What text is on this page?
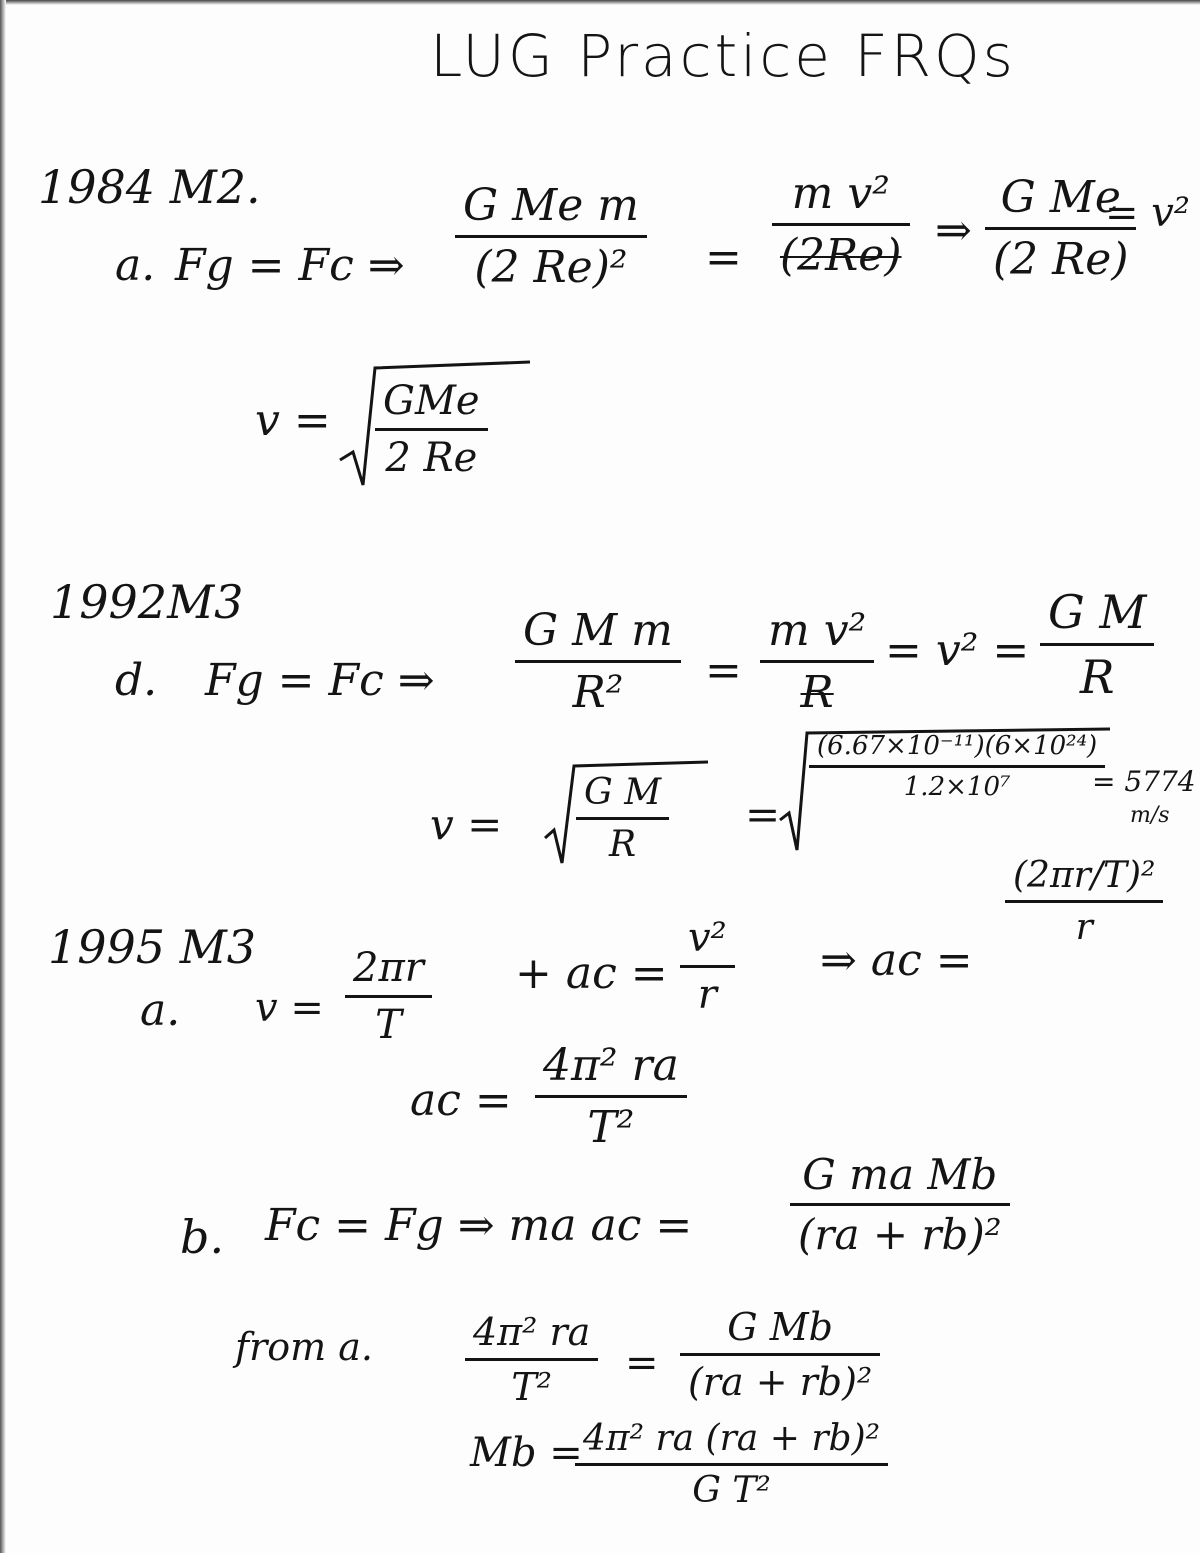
LUG Practice FRQs
1984 M2.
a. Fg = Fc ⇒
G Me m
(2 Re)² =
m v²
(2Re) ⇒
G Me
(2 Re)
= v²
v = GMe
2 Re
1992M3
d. Fg = Fc ⇒
G M m
R² =
m v²
R
= v² =
G M
R
v =
G M
R
=
(6.67×10⁻¹¹)(6×10²⁴)
1.2×10⁷	= 5774
m/s
1995 M3
a. v =
2πr
T
+ ac =
v²
r
⇒ ac =
(2πr/T)²
r
ac =
4π² ra
T²
b. Fc = Fg ⇒ ma ac =
G ma Mb
(ra + rb)²
from a.	4π² ra
T²
=
G Mb
(ra + rb)²
Mb = 4π² ra (ra + rb)²
G T²
